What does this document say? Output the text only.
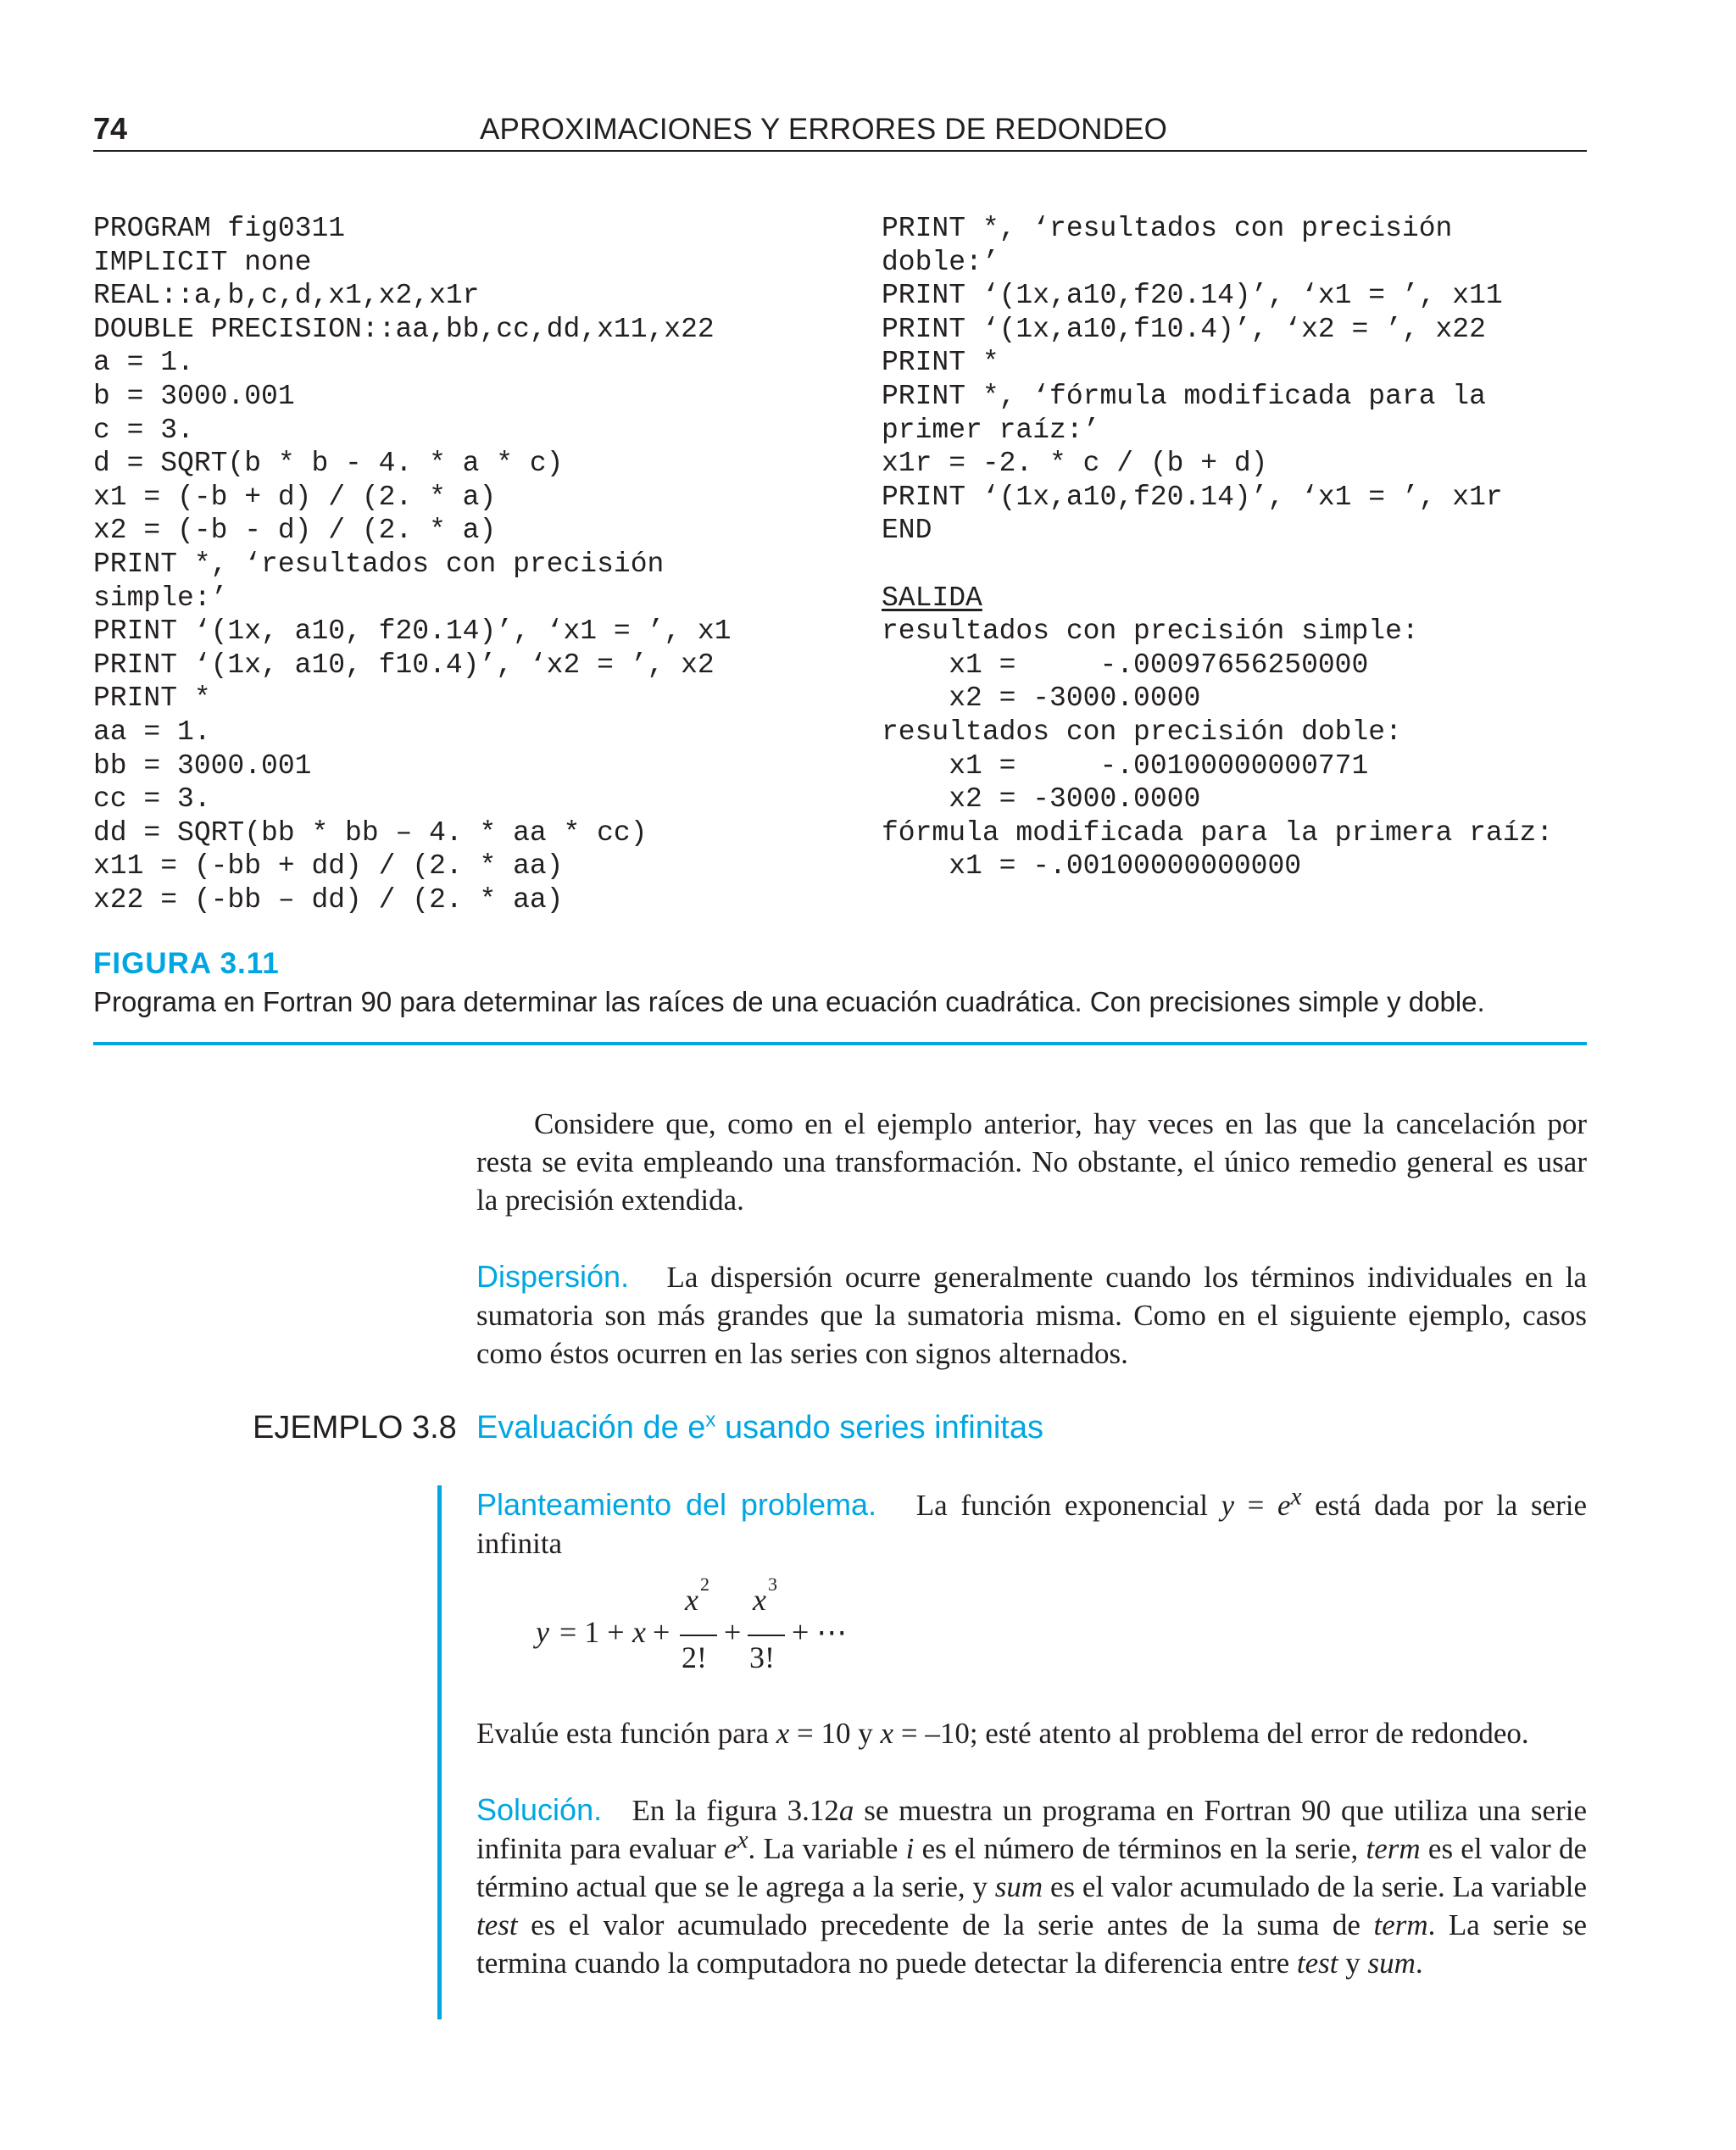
74	APROXIMACIONES Y ERRORES DE REDONDEO
PROGRAM fig0311
IMPLICIT none
REAL::a,b,c,d,x1,x2,x1r
DOUBLE PRECISION::aa,bb,cc,dd,x11,x22
a = 1.
b = 3000.001
c = 3.
d = SQRT(b * b - 4. * a * c)
x1 = (-b + d) / (2. * a)
x2 = (-b - d) / (2. * a)
PRINT *, ‘resultados con precisión
simple:’
PRINT ‘(1x, a10, f20.14)’, ‘x1 = ’, x1
PRINT ‘(1x, a10, f10.4)’, ‘x2 = ’, x2
PRINT *
aa = 1.
bb = 3000.001
cc = 3.
dd = SQRT(bb * bb – 4. * aa * cc)
x11 = (-bb + dd) / (2. * aa)
x22 = (-bb – dd) / (2. * aa)
PRINT *, ‘resultados con precisión
doble:’
PRINT ‘(1x,a10,f20.14)’, ‘x1 = ’, x11
PRINT ‘(1x,a10,f10.4)’, ‘x2 = ’, x22
PRINT *
PRINT *, ‘fórmula modificada para la
primer raíz:’
x1r = -2. * c / (b + d)
PRINT ‘(1x,a10,f20.14)’, ‘x1 = ’, x1r
END

SALIDA
resultados con precisión simple:
x1 =     -.00097656250000
x2 = -3000.0000
resultados con precisión doble:
x1 =     -.00100000000771
x2 = -3000.0000
fórmula modificada para la primera raíz:
x1 = -.00100000000000
FIGURA 3.11
Programa en Fortran 90 para determinar las raíces de una ecuación cuadrática. Con precisiones simple y doble.

Considere que, como en el ejemplo anterior, hay veces en las que la cancelación por resta se evita empleando una transformación. No obstante, el único remedio general es usar la precisión extendida.

Dispersión. La dispersión ocurre generalmente cuando los términos individuales en la sumatoria son más grandes que la sumatoria misma. Como en el siguiente ejemplo, casos como éstos ocurren en las series con signos alternados.

EJEMPLO 3.8 Evaluación de $e^x$ usando series infinitas

Planteamiento del problema. La función exponencial $y = e^x$ está dada por la serie infinita

y = 1 + x +
x 2
2!
+
x 3
3!
+ ⋯

Evalúe esta función para x = 10 y x = –10; esté atento al problema del error de redondeo.

Solución. En la figura 3.12a se muestra un programa en Fortran 90 que utiliza una serie infinita para evaluar $e^x$. La variable i es el número de términos en la serie, term es el valor de término actual que se le agrega a la serie, y sum es el valor acumulado de la serie. La variable test es el valor acumulado precedente de la serie antes de la suma de term. La serie se termina cuando la computadora no puede detectar la diferencia entre test y sum.
